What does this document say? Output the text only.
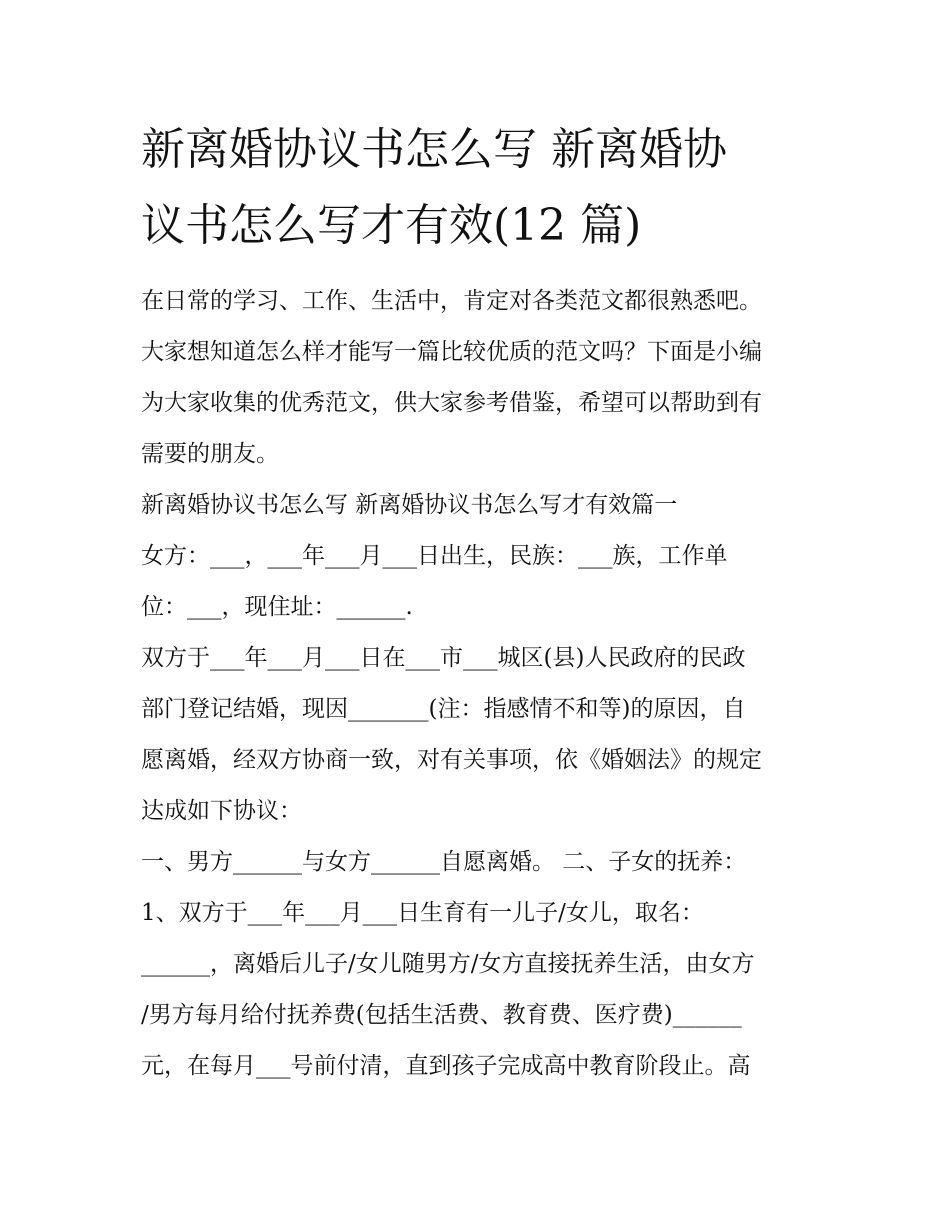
新离婚协议书怎么写 新离婚协
议书怎么写才有效(12 篇)
在日常的学习、工作、生活中，肯定对各类范文都很熟悉吧。
大家想知道怎么样才能写一篇比较优质的范文吗？下面是小编
为大家收集的优秀范文，供大家参考借鉴，希望可以帮助到有
需要的朋友。
新离婚协议书怎么写 新离婚协议书怎么写才有效篇一
女方：___，___年___月___日出生，民族：___族，工作单
位：___，现住址：______.
双方于___年___月___日在___市___城区(县)人民政府的民政
部门登记结婚，现因_______(注：指感情不和等)的原因，自
愿离婚，经双方协商一致，对有关事项，依《婚姻法》的规定
达成如下协议：
一、男方______与女方______自愿离婚。 二、子女的抚养：
1、双方于___年___月___日生育有一儿子/女儿，取名：
______，离婚后儿子/女儿随男方/女方直接抚养生活，由女方
/男方每月给付抚养费(包括生活费、教育费、医疗费)______
元，在每月___号前付清，直到孩子完成高中教育阶段止。高
